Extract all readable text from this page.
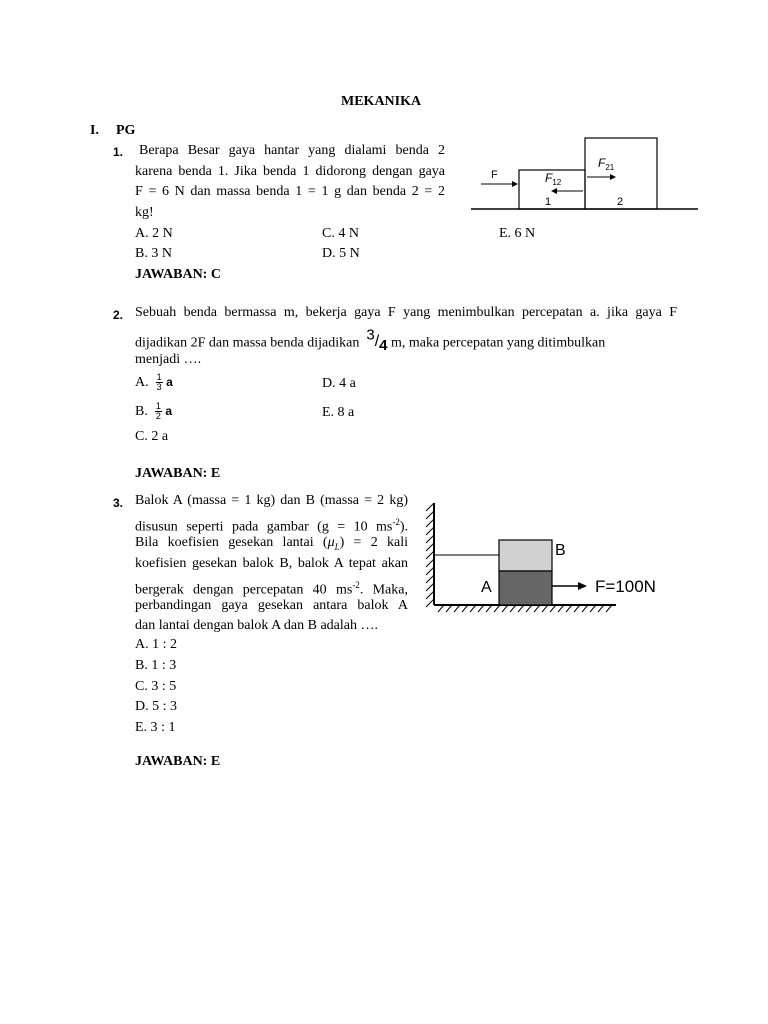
MEKANIKA
I. PG
1. Berapa Besar gaya hantar yang dialami benda 2
karena benda 1. Jika benda 1 didorong dengan gaya
F = 6 N dan massa benda 1 = 1 g dan benda 2 = 2
kg!
A. 2 N
B. 3 N
C. 4 N
D. 5 N
E. 6 N
JAWABAN: C
F	$F_{12}$
$F_{21}$
1	2
2. Sebuah benda bermassa m, bekerja gaya F yang menimbulkan percepatan a. jika gaya F
dijadikan 2F dan massa benda dijadikan $^3/_4$ m, maka percepatan yang ditimbulkan
menjadi ….
A. $\frac{1}{3}$ a
B. $\frac{1}{2}$ a
C. 2 a
D. 4 a
E. 8 a
JAWABAN: E
3. Balok A (massa = 1 kg) dan B (massa = 2 kg)
disusun seperti pada gambar (g = 10 $ms^{-2}$).
Bila koefisien gesekan lantai $(\mu_L) = 2$ kali
koefisien gesekan balok B, balok A tepat akan
bergerak dengan percepatan 40 $ms^{-2}$. Maka,
perbandingan gaya gesekan antara balok A
dan lantai dengan balok A dan B adalah ….
A. 1 : 2
B. 1 : 3
C. 3 : 5
D. 5 : 3
E. 3 : 1
JAWABAN: E
B
A	F=100N
